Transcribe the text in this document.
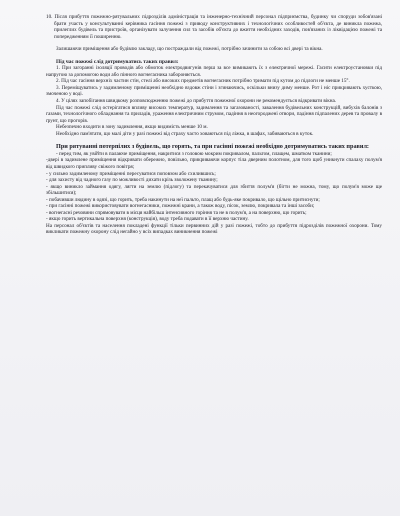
10. Після прибуття пожежно-рятувальних підрозділів адміністрація та інженерно-технічний персонал підприємства, будинку чи споруди зобов'язані брати участь у консультуванні керівника гасіння пожежі з приводу конструктивних і технологічних особливостей об'єкта, де виникла пожежа, прилеглих будівель та пристроїв, організувати залучення сил та засобів об'єкта до вжиття необхідних заходів, пов'язаних із ліквідацією пожежі та попередженням її поширенню.

Залишаючи приміщення або будівлю закладу, що постраждали від пожежі, потрібно зачинити за собою всі двері та вікна.

Під час пожежі слід дотримуватись таких правил:

1. При загоранні ізоляції проводів або обмоток електродвигунів перш за все вимикають їх з електричної мережі. Гасити електроустановки під напругою за допомогою води або пінного вогнегасника забороняється.

2. Під час гасіння верхніх частин стін, стелі або високих предметів вогнегасник потрібно тримати під кутом до підлоги не менше 15°.

3. Переміщуватись у задимленому приміщенні необхідно вздовж стіни і згинаючись, оскільки внизу диму менше. Рот і ніс прикривають хусткою, змоченою у воді.

4. У цілях запобігання швидкому розповсюдженню пожежі до прибуття пожежної охорони не рекомендується відкривати вікна.

Під час пожежі слід остерігатися впливу високих температур, задимлення та загазованості, завалення будівельних конструкцій, вибухів балонів з газами, технологічного обладнання та приладів, ураження електричним струмом, падіння в неогороджені отвори, падіння підпалених дерев та провалу в ґрунт, що прогорів.

Небезпечно входити в зону задимлення, якщо видимість менше 10 м.

Необхідно пам'ятати, що малі діти у разі пожежі від страху часто ховаються під ліжка, в шафах, забиваються в куток.

При рятуванні потерпілих з будівель, що горять, та при гасінні пожежі необхідно дотримуватись таких правил:

- перед тим, як увійти в палаюче приміщення, накритися з головою мокрим покривалом, пальтом, плащем, шматком тканини;

-двері в задимлене приміщення відкривати обережно, повільно, прикриваючи корпус тіла дверним полотном, для того щоб уникнути спалаху полум'я від швидкого припливу свіжого повітря;

- у сильно задимленому приміщенні пересуватися поповзом або схилившись;

- для захисту від чадного газу по можливості дихати крізь зволожену тканину;

- якщо виникло займання одягу, лягти на землю (підлогу) та перекачуватися для збиття полум'я (бігти не можна, тому, що полум'я може ще збільшитися);

- побачивши людину в одязі, що горить, треба накинути на неї пальто, плащ або будь-яке покривало, що щільно притиснути;

- при гасінні пожежі використовувати вогнегасники, пожежні крани, а також воду, пісок, землю, покривала та інші засоби;

- вогнегасні речовини спрямовувати в місця найбільш інтенсивного горіння та не в полум'я, а на поверхню, що горить;

- якщо горить вертикальна поверхня (конструкція), воду треба подавати в її верхню частину.

На персонал об'єктів та населення покладені функції тільки первинних дій у разі пожежі, тобто до прибуття підрозділів пожежної охорони. Тому викликати пожежну охорону слід негайно у всіх випадках виникнення пожежі
